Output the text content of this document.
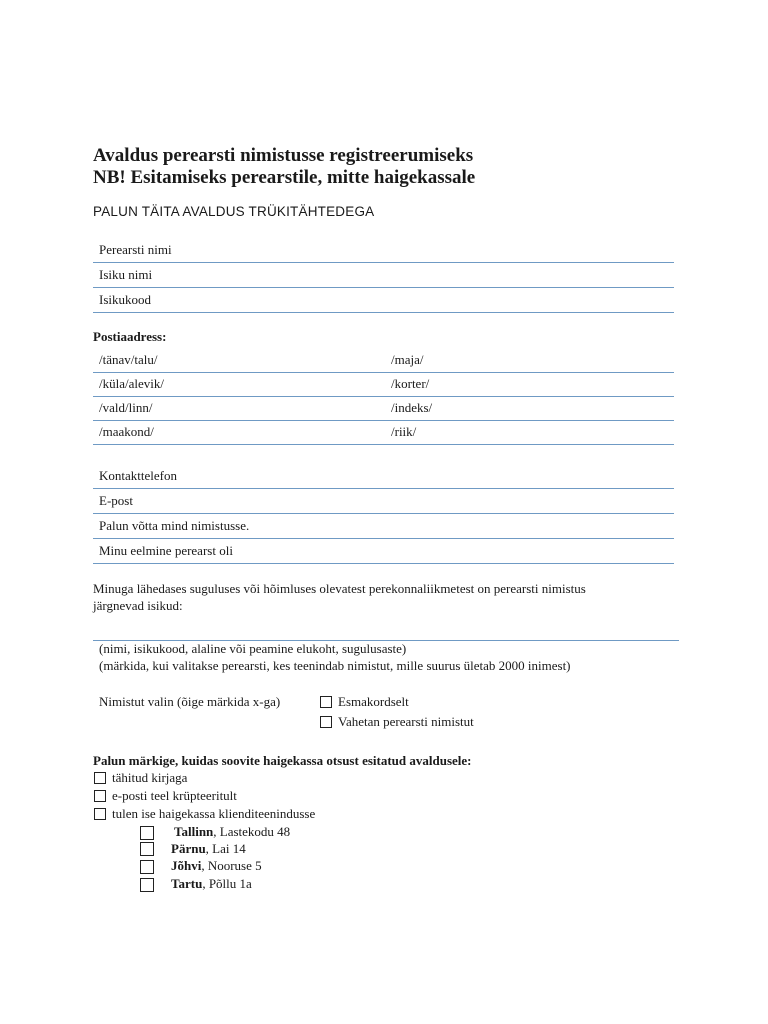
Avaldus perearsti nimistusse registreerumiseks
NB! Esitamiseks perearstile, mitte haigekassale
PALUN TÄITA AVALDUS TRÜKITÄHTEDEGA
Perearsti nimi
Isiku nimi
Isikukood
Postiaadress:
/tänav/talu/	/maja/
/küla/alevik/	/korter/
/vald/linn/	/indeks/
/maakond/	/riik/
Kontakttelefon
E-post
Palun võtta mind nimistusse.
Minu eelmine perearst oli
Minuga lähedases suguluses või hõimluses olevatest perekonnaliikmetest on perearsti nimistus
järgnevad isikud:
(nimi, isikukood, alaline või peamine elukoht, sugulusaste)
(märkida, kui valitakse perearsti, kes teenindab nimistut, mille suurus ületab 2000 inimest)
Nimistut valin (õige märkida x-ga)	Esmakordselt
Vahetan perearsti nimistut
Palun märkige, kuidas soovite haigekassa otsust esitatud avaldusele:
tähitud kirjaga
e-posti teel krüpteeritult
tulen ise haigekassa klienditeenindusse
Tallinn, Lastekodu 48
Pärnu, Lai 14
Jõhvi, Nooruse 5
Tartu, Põllu 1a
